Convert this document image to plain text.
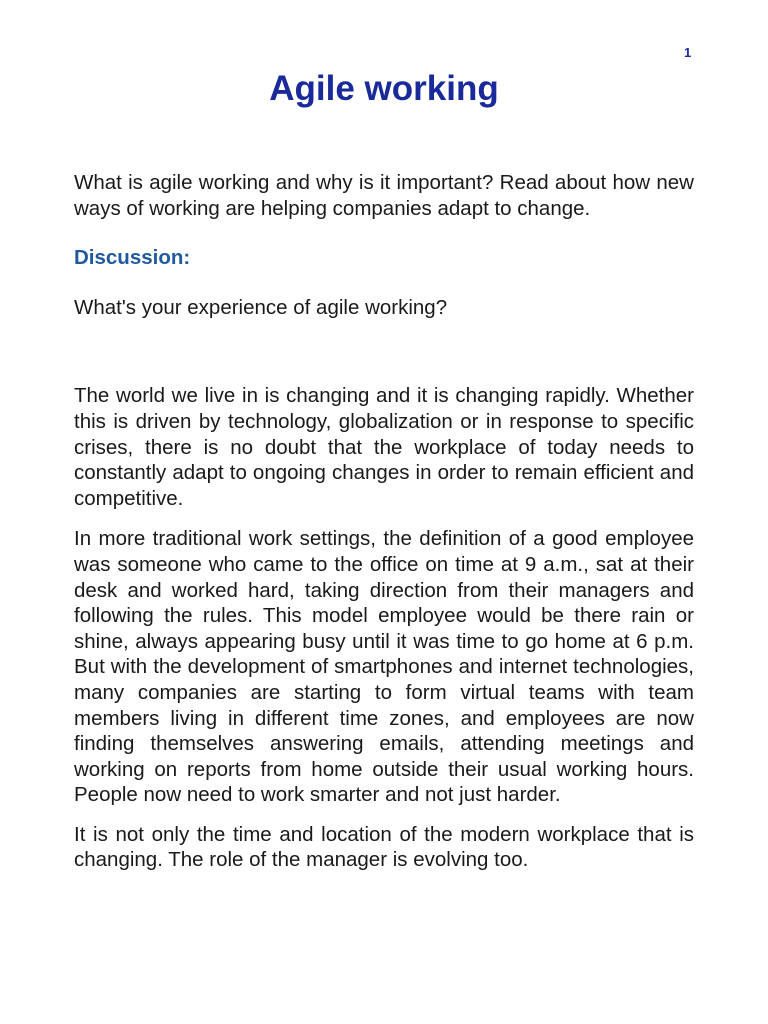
1
Agile working

What is agile working and why is it important? Read about how new ways of working are helping companies adapt to change.

Discussion:

What's your experience of agile working?

The world we live in is changing and it is changing rapidly. Whether this is driven by technology, globalization or in response to specific crises, there is no doubt that the workplace of today needs to constantly adapt to ongoing changes in order to remain efficient and competitive.

In more traditional work settings, the definition of a good employee was someone who came to the office on time at 9 a.m., sat at their desk and worked hard, taking direction from their managers and following the rules. This model employee would be there rain or shine, always appearing busy until it was time to go home at 6 p.m. But with the development of smartphones and internet technologies, many companies are starting to form virtual teams with team members living in different time zones, and employees are now finding themselves answering emails, attending meetings and working on reports from home outside their usual working hours. People now need to work smarter and not just harder.

It is not only the time and location of the modern workplace that is changing. The role of the manager is evolving too.
